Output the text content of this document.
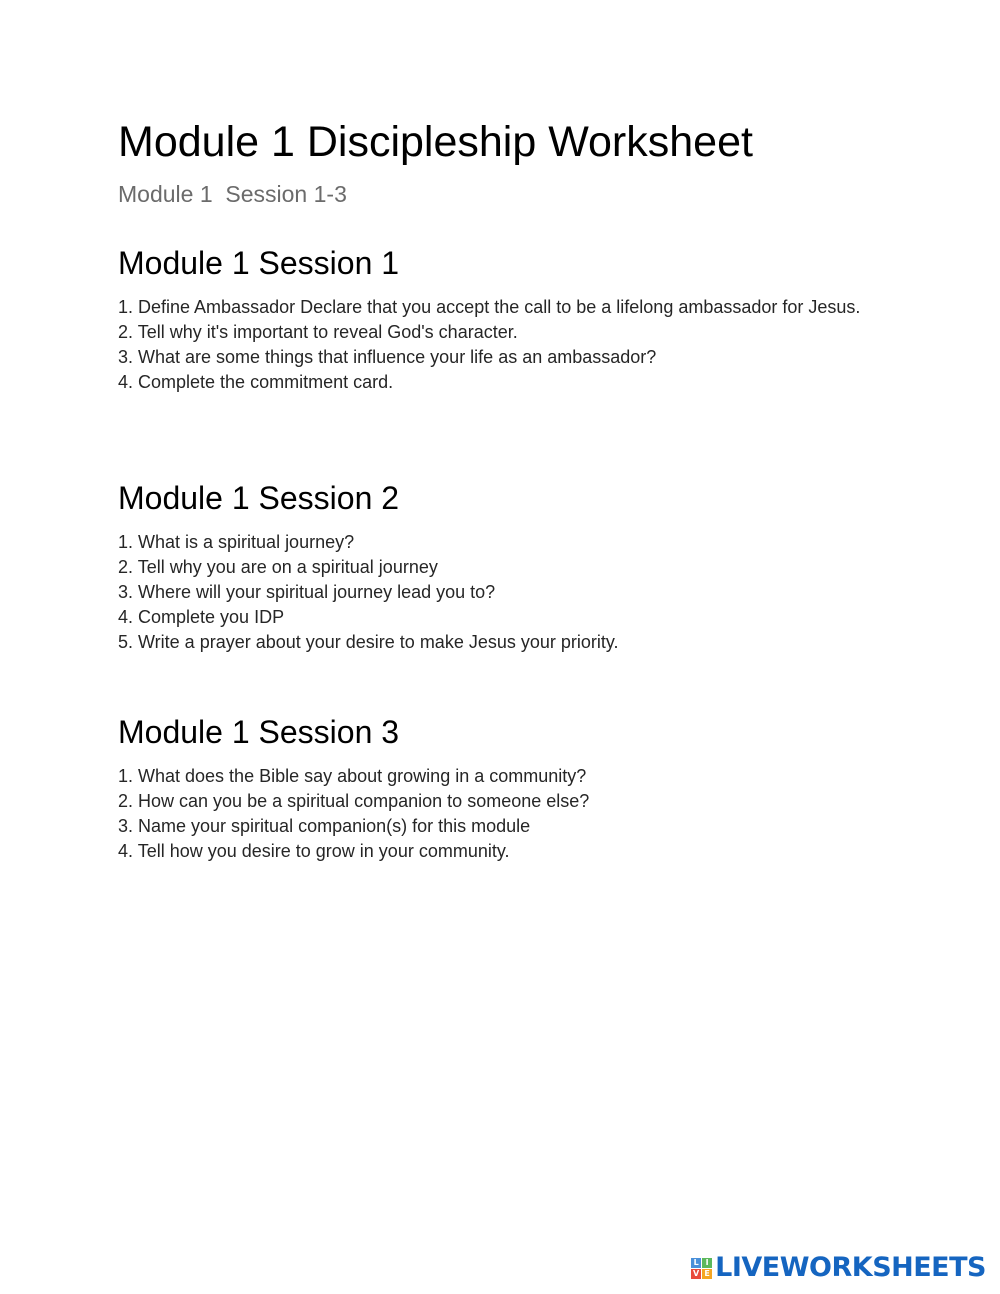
Module 1 Discipleship Worksheet

Module 1  Session 1-3

Module 1 Session 1
1. Define Ambassador Declare that you accept the call to be a lifelong ambassador for Jesus.
2. Tell why it's important to reveal God's character.
3. What are some things that influence your life as an ambassador?
4. Complete the commitment card.
Module 1 Session 2
1. What is a spiritual journey?
2. Tell why you are on a spiritual journey
3. Where will your spiritual journey lead you to?
4. Complete you IDP
5. Write a prayer about your desire to make Jesus your priority.
Module 1 Session 3
1. What does the Bible say about growing in a community?
2. How can you be a spiritual companion to someone else?
3. Name your spiritual companion(s) for this module
4. Tell how you desire to grow in your community.
L I
V E LIVEWORKSHEETS
